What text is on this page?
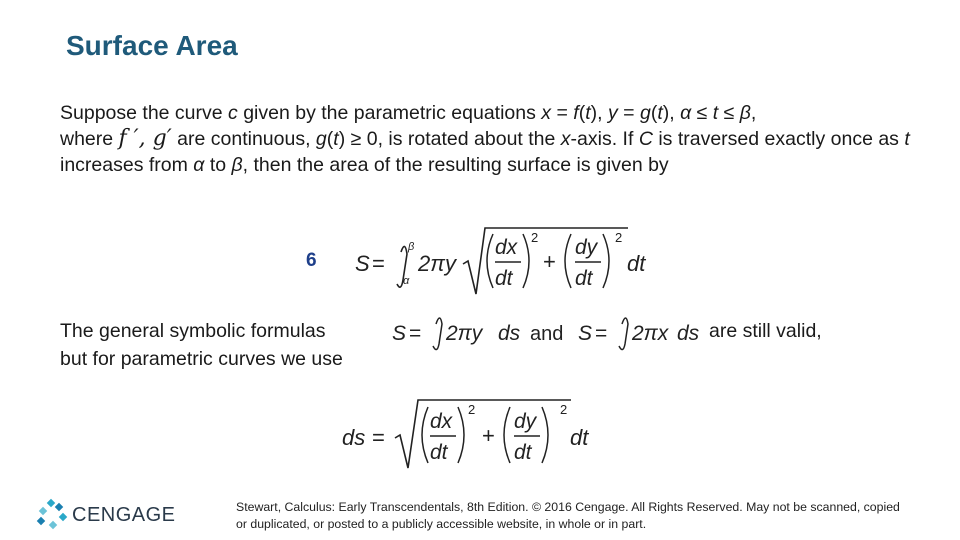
Surface Area
Suppose the curve c given by the parametric equations x = f(t), y = g(t), α ≤ t ≤ β,
where f ′, g′ are continuous, g(t) ≥ 0, is rotated about the x-axis. If C is traversed exactly once as t increases from α to β, then the area of the resulting surface is given by
6 S =
β
α
2πy
dx
dt
2
+
dy
dt
2
dt
The general symbolic formulas	S = 2πy ds and S = 2πx ds are still valid,
but for parametric curves we use
ds =
dx
dt
2
+
dy
dt
2
dt
CENGAGE	Stewart, Calculus: Early Transcendentals, 8th Edition. © 2016 Cengage. All Rights Reserved. May not be scanned, copied or duplicated, or posted to a publicly accessible website, in whole or in part.
